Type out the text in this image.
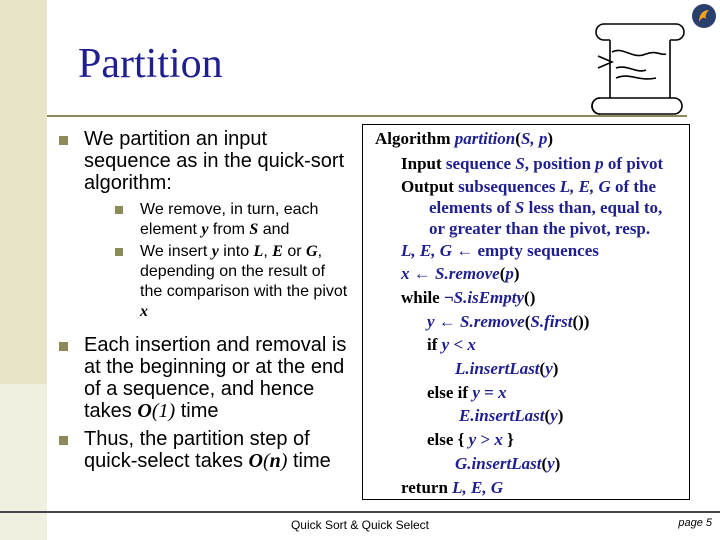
Partition
We partition an input sequence as in the quick-sort algorithm:
We remove, in turn, each element y from S and
We insert y into L, E or G, depending on the result of the comparison with the pivot x
Each insertion and removal is at the beginning or at the end of a sequence, and hence takes O(1) time
Thus, the partition step of quick-select takes O(n) time
Algorithm partition(S, p)
Input sequence S, position p of pivot
Output subsequences L, E, G of the
elements of S less than, equal to,
or greater than the pivot, resp.
L, E, G ← empty sequences
x ← S.remove(p)
while ¬S.isEmpty()
y ← S.remove(S.first())
if y < x
L.insertLast(y)
else if y = x
E.insertLast(y)
else { y > x }
G.insertLast(y)
return L, E, G
Quick Sort & Quick Select	page 5
